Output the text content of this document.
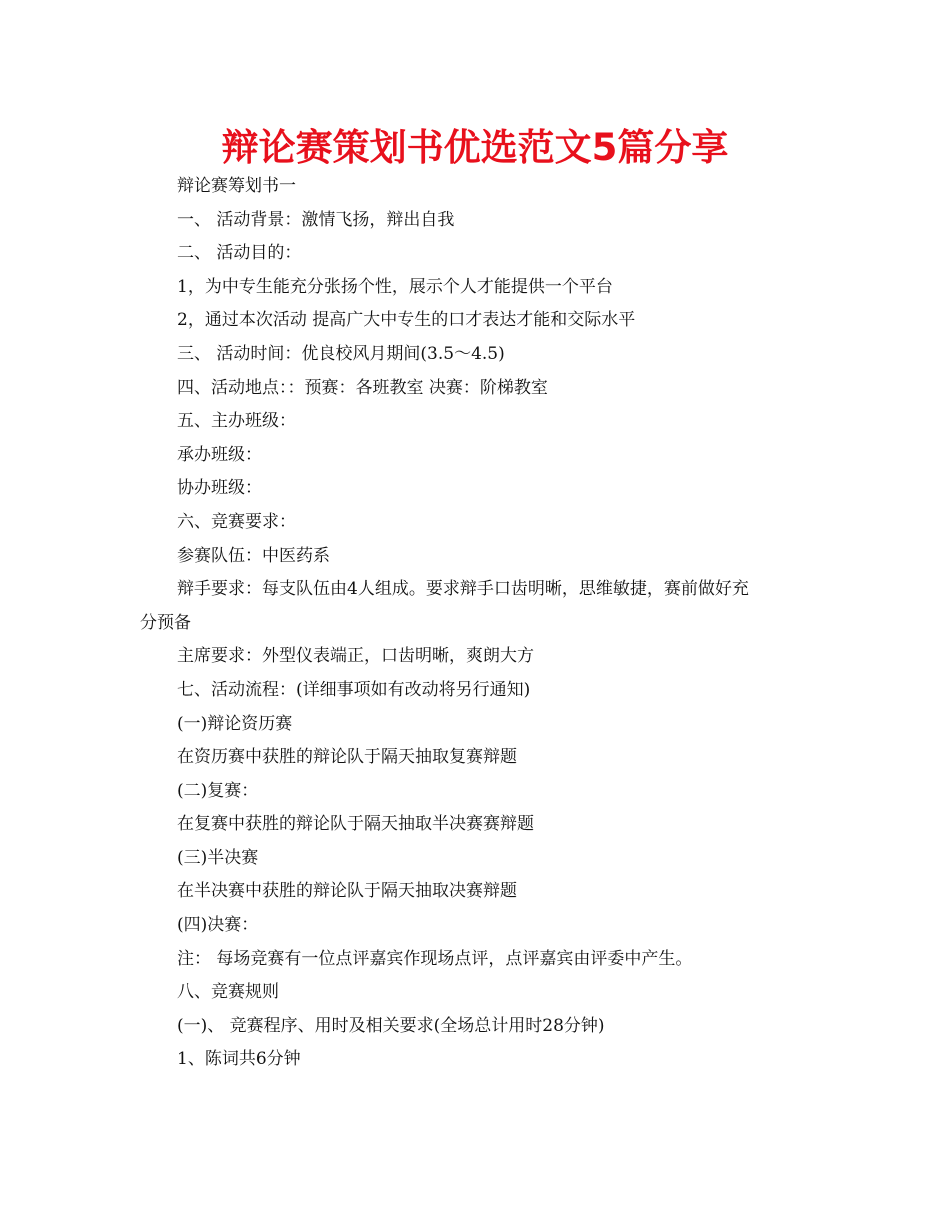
辩论赛策划书优选范文5篇分享

辩论赛筹划书一

一、 活动背景：激情飞扬，辩出自我

二、 活动目的：

1，为中专生能充分张扬个性，展示个人才能提供一个平台

2，通过本次活动 提高广大中专生的口才表达才能和交际水平

三、 活动时间：优良校风月期间(3.5～4.5)

四、活动地点：：预赛：各班教室 决赛：阶梯教室

五、主办班级：

承办班级：

协办班级：

六、竞赛要求：

参赛队伍：中医药系

辩手要求：每支队伍由4人组成。要求辩手口齿明晰，思维敏捷，赛前做好充

分预备

主席要求：外型仪表端正，口齿明晰，爽朗大方

七、活动流程：(详细事项如有改动将另行通知)

(一)辩论资历赛

在资历赛中获胜的辩论队于隔天抽取复赛辩题

(二)复赛：

在复赛中获胜的辩论队于隔天抽取半决赛赛辩题

(三)半决赛

在半决赛中获胜的辩论队于隔天抽取决赛辩题

(四)决赛：

注： 每场竞赛有一位点评嘉宾作现场点评，点评嘉宾由评委中产生。

八、竞赛规则

(一)、 竞赛程序、用时及相关要求(全场总计用时28分钟)

1、陈词共6分钟
